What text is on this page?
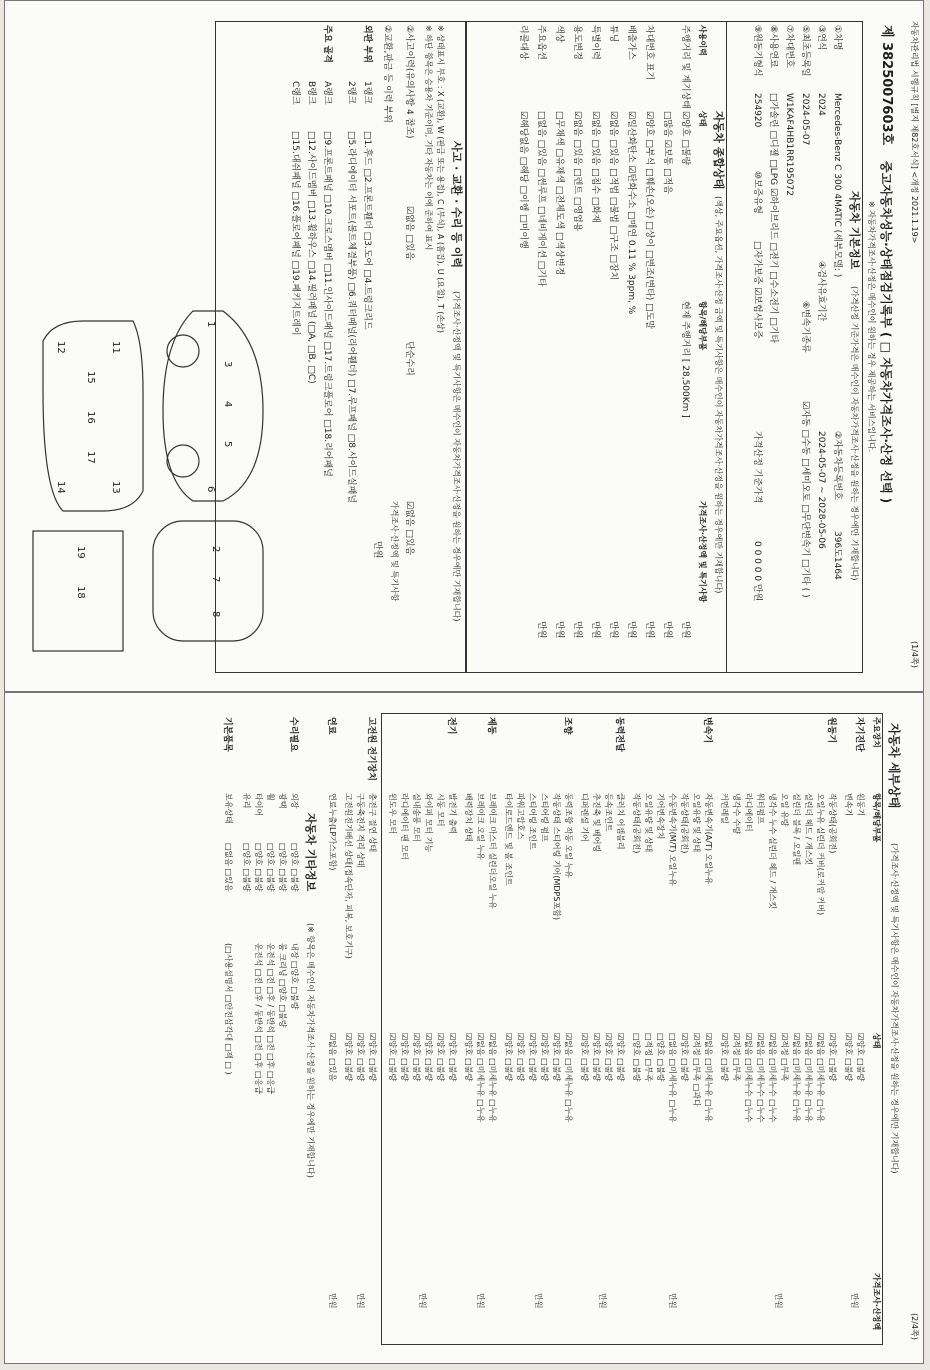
자동차관리법 시행규칙 [별지 제82호서식] <개정 2021.1.19>
(1/4쪽)
제 3825007603호
중고자동차성능·상태점검기록부 ( □ 자동차가격조사·산정 선택 )
※ 자동차가격조사·산정은 매수인이 원하는 경우 제공하는 서비스입니다.
자동차 기본정보
(가격산정 기준가격은 매수인이 자동차가격조사·산정을 원하는 경우에만 기재합니다)
①차명
Mercedes-Benz C 300 4MATIC (세부모델: )
②자동차등록번호
396도1464
③연식
2024
④검사유효기간
2024-05-07 ~ 2028-05-06
⑤최초등록일
2024-05-07
⑥변속기종류
☑자동 □수동 □세미오토 □무단변속기 □기타 ( )
⑦차대번호
W1KAF4HB1RR195072
⑧사용연료
□가솔린 □디젤 □LPG ☑하이브리드 □전기 □수소전기 □기타
⑨원동기형식
254920
⑩보증유형
□자가보증 ☑보험사보증
가격산정 기준가격
0 0 0 0 0 만원
자동차 종합상태
(색상, 주요옵션, 가격조사·산정 금액 및 특기사항은 매수인이 자동차가격조사·산정을 원하는 경우에만 기재합니다)
사용이력
상태
항목/해당부품
가격조사·산정액 및 특기사항
주행거리 및 계기상태
☑양호 □불량
현재 주행거리 [ 28,500Km ]
만원
□많음 ☑보통 □적음
만원
차대번호 표기
☑양호 □부식 □훼손(오손) □상이 □변조(변타) □도말
만원
배출가스
☑일산화탄소 ☑탄화수소 □매연 0.11 % 3ppm, %
만원
튜닝
☑없음 □있음 □적법 □불법 □구조 □장치
만원
특별이력
☑없음 □있음 □침수 □화재
만원
용도변경
☑없음 □있음 □렌트 □영업용
만원
색상
□무채색 □유채색 □전체도색 □색상변경
만원
주요옵션
□없음 □있음 □썬루프 □네비게이션 □기타
만원
리콜대상
☑해당없음 □해당 □이행 □미이행
사고 · 교환 · 수리 등 이력
(가격조사·산정액 및 특기사항은 매수인이 자동차가격조사·산정을 원하는 경우에만 기재합니다)
※ 상태표시 부호 : X (교환), W (판금 또는 용접), C (부식), A (흠집), U (요철), T (손상)
※ 하단 항목은 승용차 기준이며, 기타 자동차는 이에 준하여 표시
②사고이력(유의사항 4 참조)
☑없음 □있음
단순수리
☑없음 □있음
가격조사·산정액 및 특기사항
만원
②교환,판금 등 이력 부위
외판 부위
1랭크
□1.후드 □2.프론트휀더 □3.도어 □4.트렁크리드
2랭크
□5.라디에이터 서포트(볼트체결부품) □6.쿼터패널(리어휀더) □7.루프패널 □8.사이드실패널
주요 골격
A랭크
□9.프론트패널 □10.크로스멤버 □11.인사이드패널 □17.트렁크플로어 □18.리어패널
B랭크
□12.사이드멤버 □13.휠하우스 □14.필러패널 (□A, □B, □C)
C랭크
□15.대쉬패널 □16.플로어패널 □19.패키지트레이
3
4
5
1
6
7
2
8
16
11
12
13
14
15
17
18
19
(2/4쪽)
자동차 세부상태
(가격조사·산정액 및 특기사항은 매수인이 자동차가격조사·산정을 원하는 경우에만 기재합니다)
주요장치
항목/해당부품
상태
가격조사·산정액
자기진단
원동기
☑양호 □불량
변속기
☑양호 □불량
만원
원동기
작동상태(공회전)
☑양호 □불량
오일누유 실린더 커버(로커암 커버)
☑없음 □미세누유 □누유
실린더 헤드 / 개스킷
☑없음 □미세누유 □누유
실린더 블록 / 오일팬
☑없음 □미세누유 □누유
오일 유량
☑적정 □부족
냉각수 누수 실린더 헤드 / 개스킷
☑없음 □미세누수 □누수
워터펌프
☑없음 □미세누수 □누수
라디에이터
☑없음 □미세누수 □누수
냉각수 수량
☑적정 □부족
커먼레일
☑양호 □불량
만원
변속기
자동변속기(A/T) 오일누유
☑없음 □미세누유 □누유
오일유량 및 상태
☑적정 □부족 □과다
작동상태(공회전)
☑양호 □불량
수동변속기(M/T) 오일누유
□없음 □미세누유 □누유
기어변속장치
□양호 □불량
오일유량 및 상태
□적정 □부족
작동상태(공회전)
□양호 □불량
만원
동력전달
클러치 어셈블리
☑양호 □불량
등속조인트
☑양호 □불량
추진축 및 베어링
☑양호 □불량
디퍼렌셜 기어
☑양호 □불량
만원
조향
동력조향 작동 오일 누유
☑없음 □미세누유 □누유
작동상태 스티어링 기어(MDPS포함)
☑양호 □불량
스티어링 펌프
☑양호 □불량
스티어링 조인트
☑양호 □불량
파워고압호스
☑양호 □불량
타이로드엔드 및 볼 조인트
☑양호 □불량
만원
제동
브레이크 마스터 실린더오일 누유
☑없음 □미세누유 □누유
브레이크 오일 누유
☑없음 □미세누유 □누유
배력장치 상태
☑양호 □불량
만원
전기
발전기 출력
☑양호 □불량
시동 모터
☑양호 □불량
와이퍼 모터 기능
☑양호 □불량
실내송풍 모터
☑양호 □불량
라디에이터 팬 모터
☑양호 □불량
윈도우 모터
☑양호 □불량
만원
고전원 전기장치
충전구 절연 상태
☑양호 □불량
구동축전지 격리 상태
☑양호 □불량
고전원전기배선 상태(접속단자, 피복, 보호기구)
☑양호 □불량
만원
연료
연료누출(LP가스포함)
☑없음 □있음
만원
자동차 기타정보
(※ 항목은 매수인이 자동차가격조사·산정을 원하는 경우에만 기재합니다)
수리필요
외장
□양호 □불량
내장 □양호 □불량
광택
□양호 □불량
룸 크리닝 □양호 □불량
휠
□양호 □불량
운전석 □전 □후 / 동반석 □전 □후 □응급
타이어
□양호 □불량
운전석 □전 □후 / 동반석 □전 □후 □응급
유리
□양호 □불량
기본품목
보유상태
□없음 □있음
(□사용설명서 □안전삼각대 □잭 □ )
